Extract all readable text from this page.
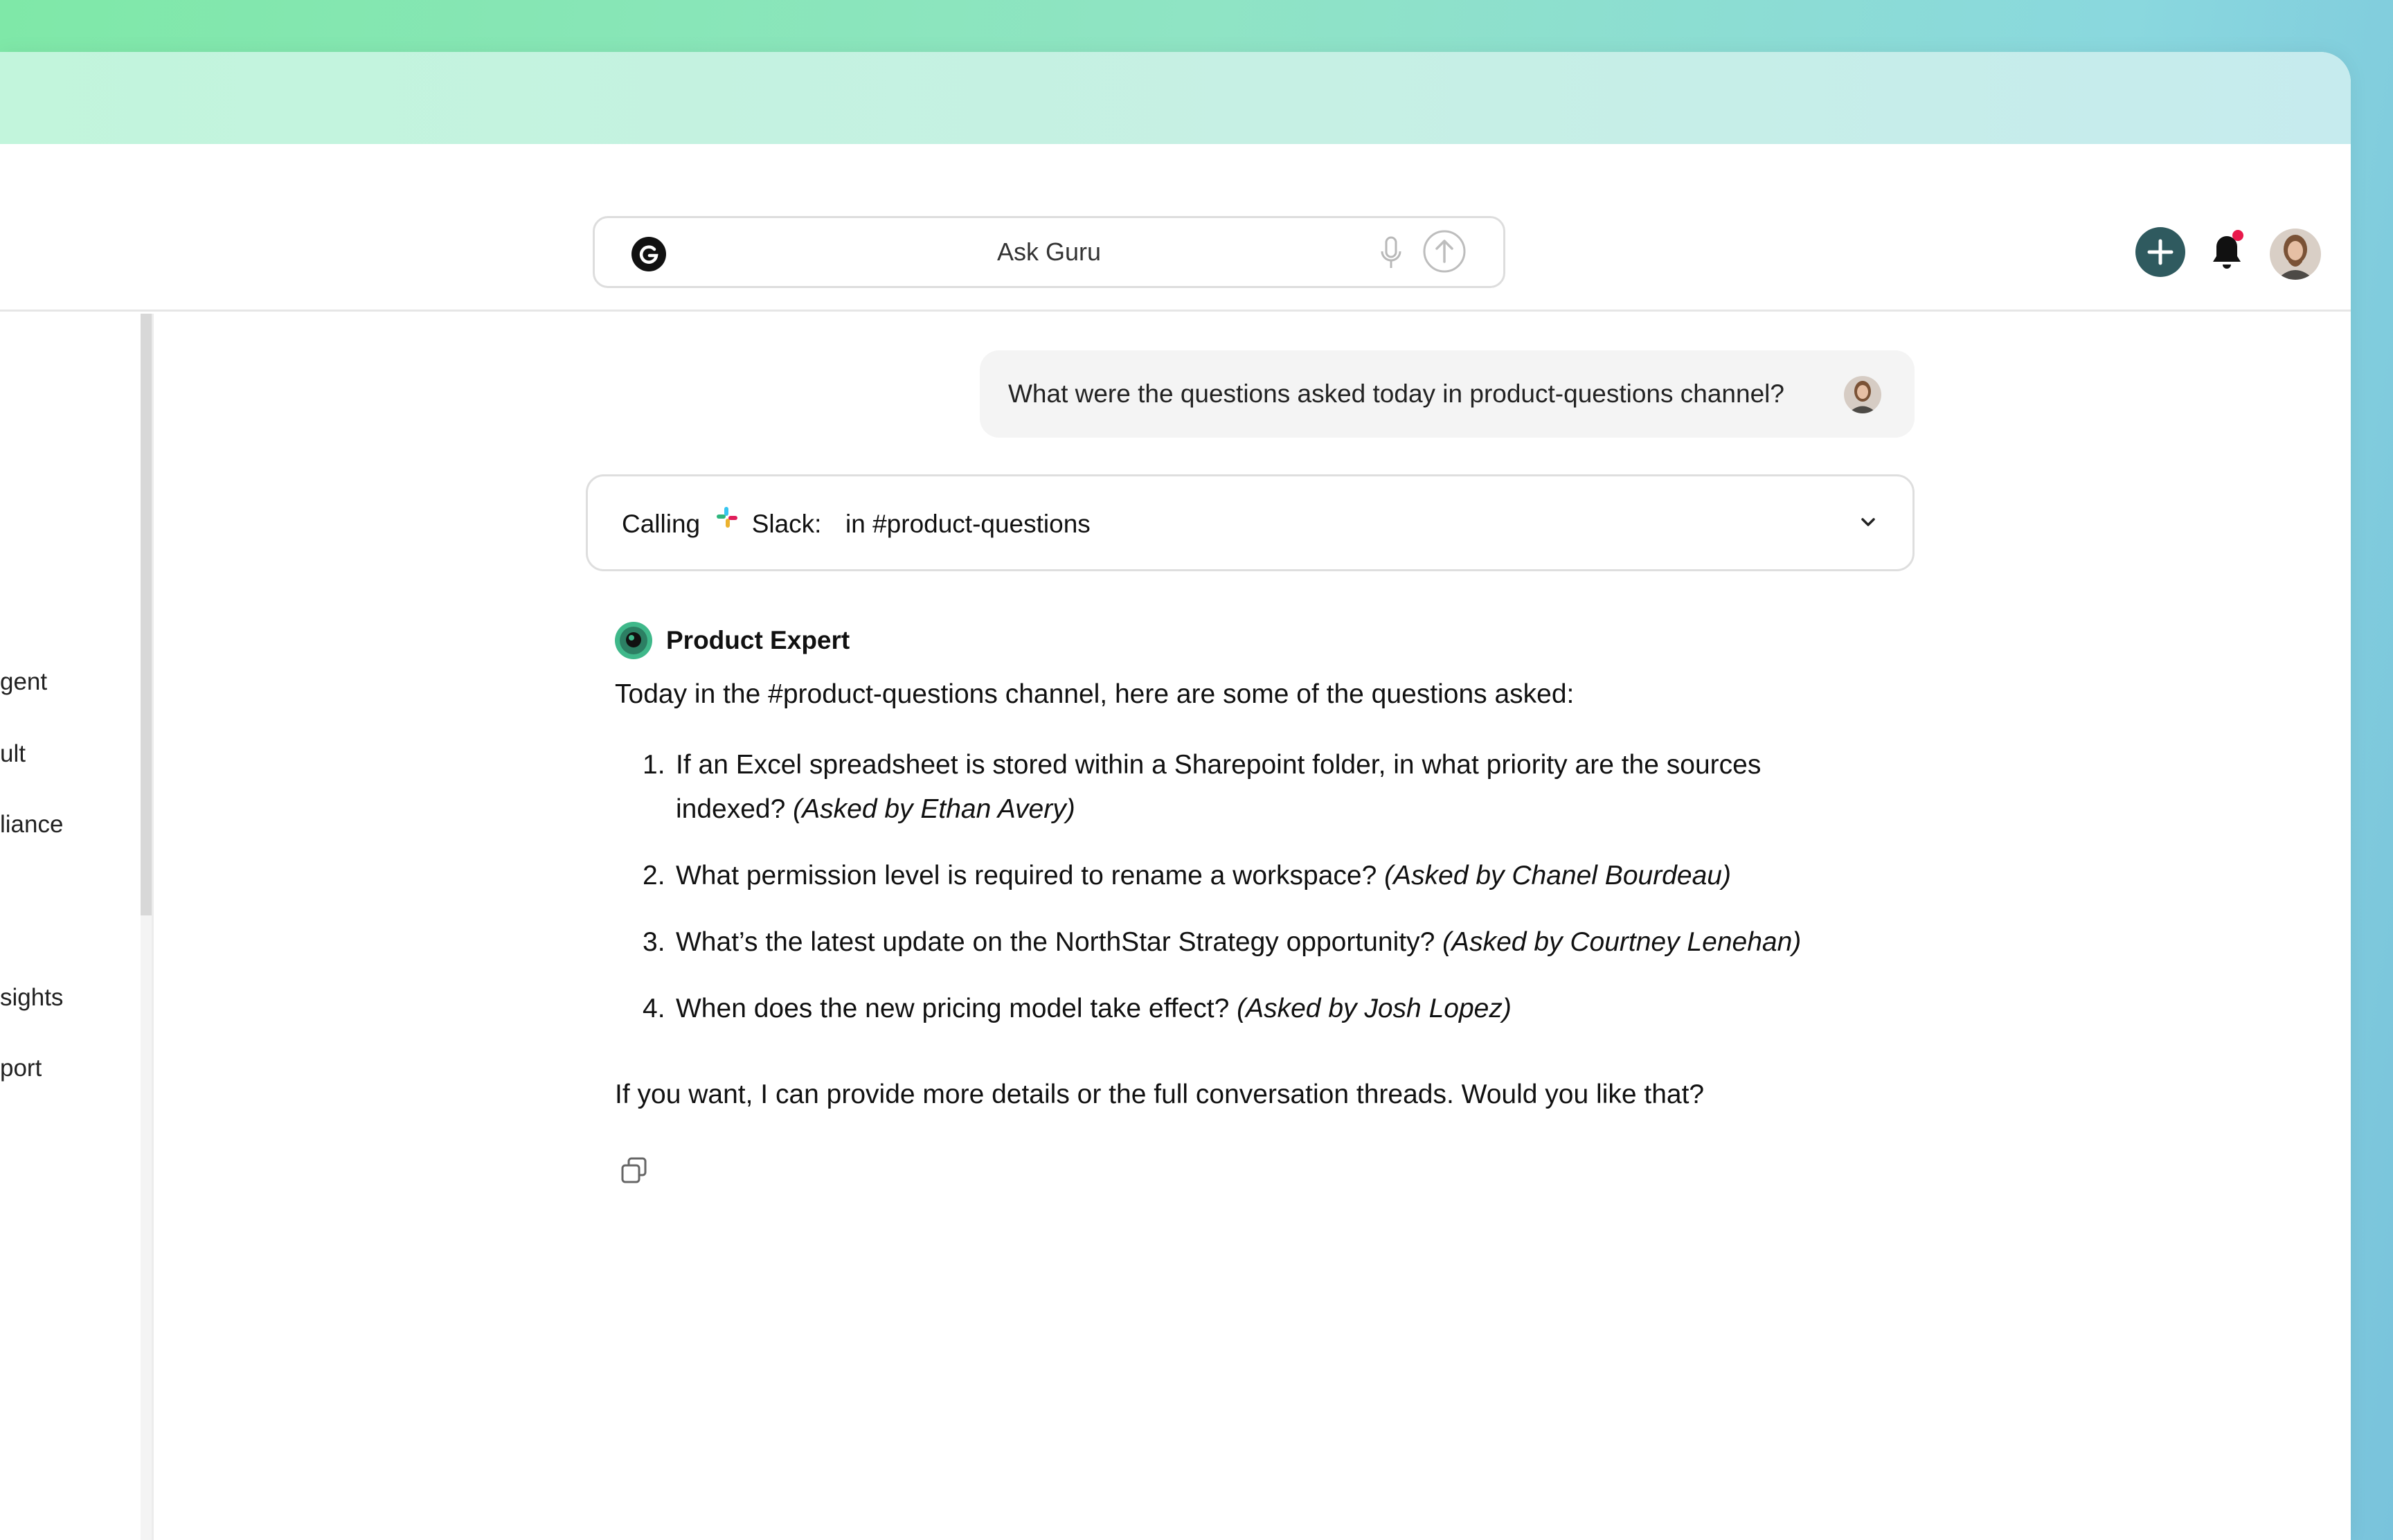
Ask Guru
gent
ult
liance
sights
port
What were the questions asked today in product-questions channel?
Calling Slack: in #product-questions
Product Expert
Today in the #product-questions channel, here are some of the questions asked:
1. If an Excel spreadsheet is stored within a Sharepoint folder, in what priority are the sources indexed? (Asked by Ethan Avery)
2. What permission level is required to rename a workspace? (Asked by Chanel Bourdeau)
3. What’s the latest update on the NorthStar Strategy opportunity? (Asked by Courtney Lenehan)
4. When does the new pricing model take effect? (Asked by Josh Lopez)
If you want, I can provide more details or the full conversation threads. Would you like that?
